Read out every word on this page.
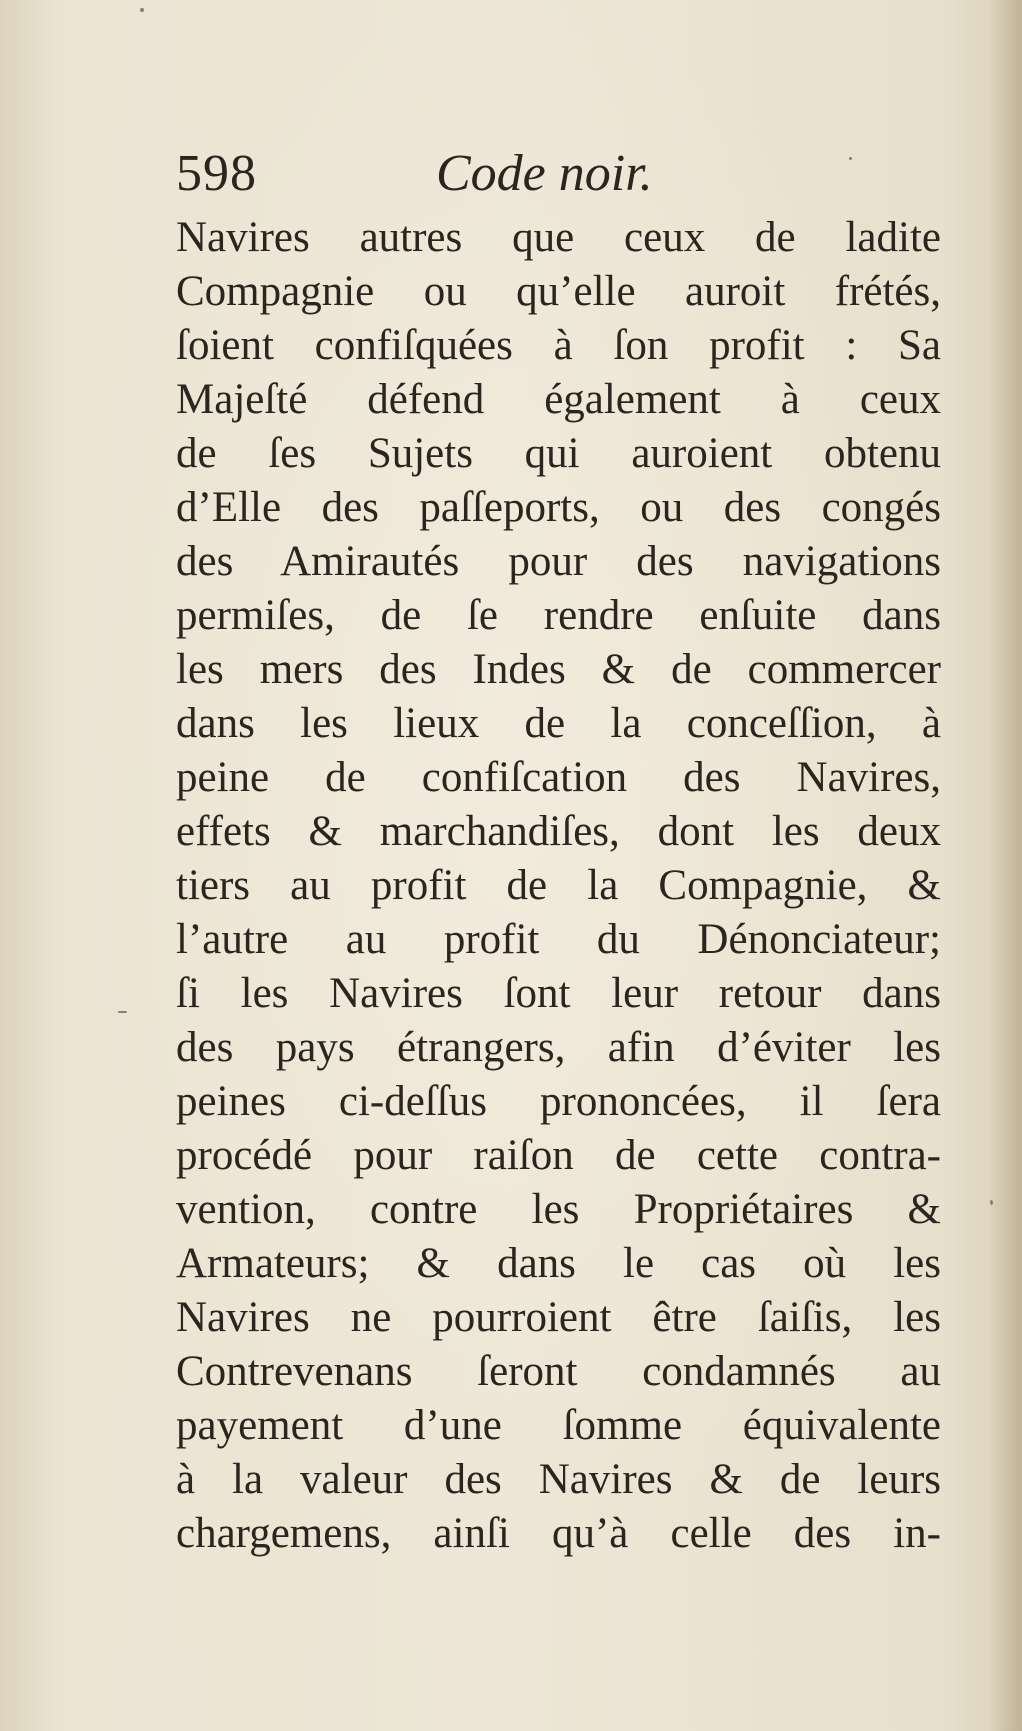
598	Code noir.
Navires autres que ceux de ladite
Compagnie ou qu’elle auroit frétés,
ſoient confiſquées à ſon profit : Sa
Majeſté défend également à ceux
de ſes Sujets qui auroient obtenu
d’Elle des paſſeports, ou des congés
des Amirautés pour des navigations
permiſes, de ſe rendre enſuite dans
les mers des Indes & de commercer
dans les lieux de la conceſſion, à
peine de confiſcation des Navires,
effets & marchandiſes, dont les deux
tiers au profit de la Compagnie, &
l’autre au profit du Dénonciateur;
ſi les Navires ſont leur retour dans
des pays étrangers, afin d’éviter les
peines ci-deſſus prononcées, il ſera
procédé pour raiſon de cette contra-
vention, contre les Propriétaires &
Armateurs; & dans le cas où les
Navires ne pourroient être ſaiſis, les
Contrevenans ſeront condamnés au
payement d’une ſomme équivalente
à la valeur des Navires & de leurs
chargemens, ainſi qu’à celle des in-
